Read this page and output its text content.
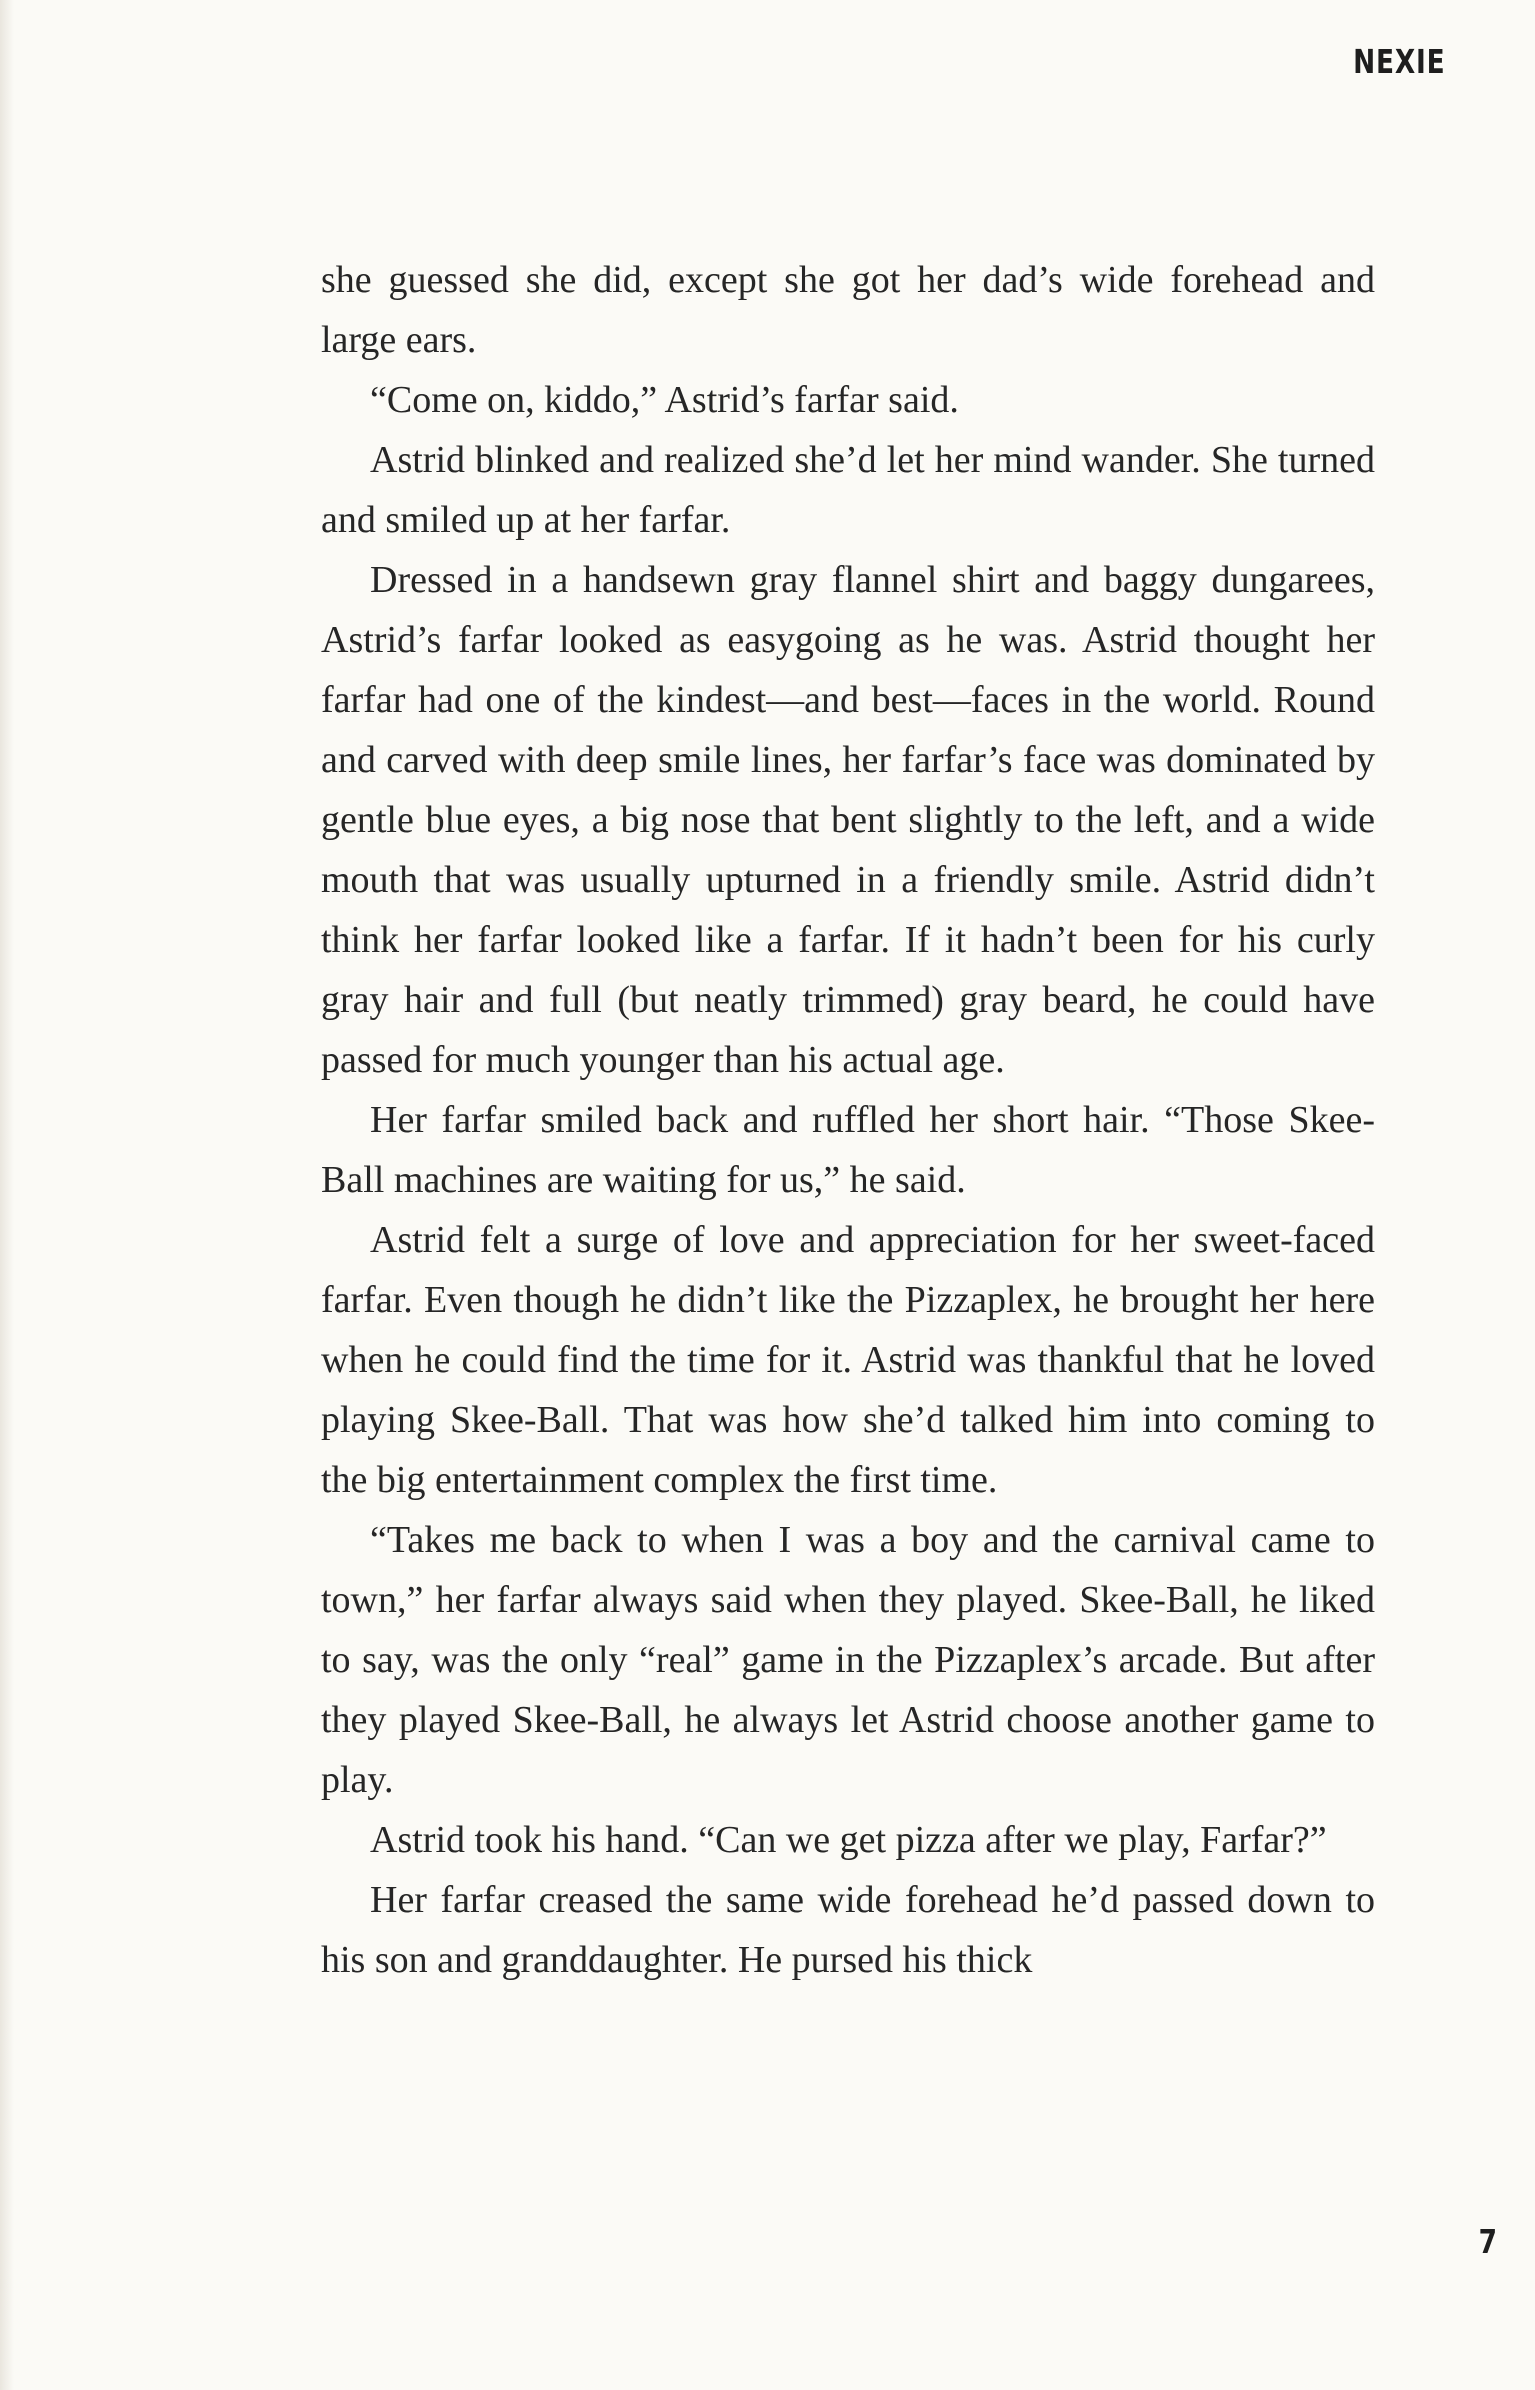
NEXIE

she guessed she did, except she got her dad’s wide forehead and large ears.

“Come on, kiddo,” Astrid’s farfar said.

Astrid blinked and realized she’d let her mind wander. She turned and smiled up at her farfar.

Dressed in a handsewn gray flannel shirt and baggy dungarees, Astrid’s farfar looked as easygoing as he was. Astrid thought her farfar had one of the kindest—and best—faces in the world. Round and carved with deep smile lines, her farfar’s face was dominated by gentle blue eyes, a big nose that bent slightly to the left, and a wide mouth that was usually upturned in a friendly smile. Astrid didn’t think her farfar looked like a farfar. If it hadn’t been for his curly gray hair and full (but neatly trimmed) gray beard, he could have passed for much younger than his actual age.

Her farfar smiled back and ruffled her short hair. “Those Skee-Ball machines are waiting for us,” he said.

Astrid felt a surge of love and appreciation for her sweet-faced farfar. Even though he didn’t like the Pizzaplex, he brought her here when he could find the time for it. Astrid was thankful that he loved playing Skee-Ball. That was how she’d talked him into coming to the big entertainment complex the first time.

“Takes me back to when I was a boy and the carnival came to town,” her farfar always said when they played. Skee-Ball, he liked to say, was the only “real” game in the Pizzaplex’s arcade. But after they played Skee-Ball, he always let Astrid choose another game to play.

Astrid took his hand. “Can we get pizza after we play, Farfar?”

Her farfar creased the same wide forehead he’d passed down to his son and granddaughter. He pursed his thick

7
